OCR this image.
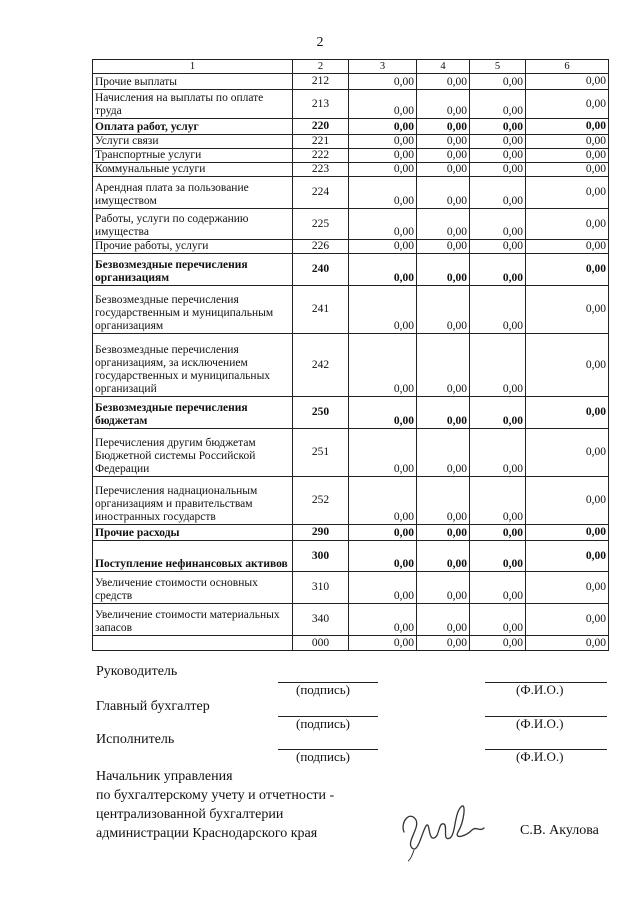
2
1	2	3	4	5	6
Прочие выплаты	212	0,00	0,00	0,00	0,00
Начисления на выплаты по оплате труда	213	0,00	0,00	0,00	0,00
Оплата работ, услуг	220	0,00	0,00	0,00	0,00
Услуги связи	221	0,00	0,00	0,00	0,00
Транспортные услуги	222	0,00	0,00	0,00	0,00
Коммунальные услуги	223	0,00	0,00	0,00	0,00
Арендная плата за пользование имуществом	224	0,00	0,00	0,00	0,00
Работы, услуги по содержанию имущества	225	0,00	0,00	0,00	0,00
Прочие работы, услуги	226	0,00	0,00	0,00	0,00
Безвозмездные перечисления организациям	240	0,00	0,00	0,00	0,00
Безвозмездные перечисления государственным и муниципальным организациям	241	0,00	0,00	0,00	0,00
Безвозмездные перечисления организациям, за исключением государственных и муниципальных организаций	242	0,00	0,00	0,00	0,00
Безвозмездные перечисления бюджетам	250	0,00	0,00	0,00	0,00
Перечисления другим бюджетам Бюджетной системы Российской Федерации	251	0,00	0,00	0,00	0,00
Перечисления наднациональным организациям и правительствам иностранных государств	252	0,00	0,00	0,00	0,00
Прочие расходы	290	0,00	0,00	0,00	0,00
Поступление нефинансовых активов	300	0,00	0,00	0,00	0,00
Увеличение стоимости основных средств	310	0,00	0,00	0,00	0,00
Увеличение стоимости материальных запасов	340	0,00	0,00	0,00	0,00
	000	0,00	0,00	0,00	0,00
Руководитель
(подпись)	(Ф.И.О.)
Главный бухгалтер
(подпись)	(Ф.И.О.)
Исполнитель
(подпись)	(Ф.И.О.)
Начальник управления
по бухгалтерскому учету и отчетности -
централизованной бухгалтерии
администрации Краснодарского края	С.В. Акулова
